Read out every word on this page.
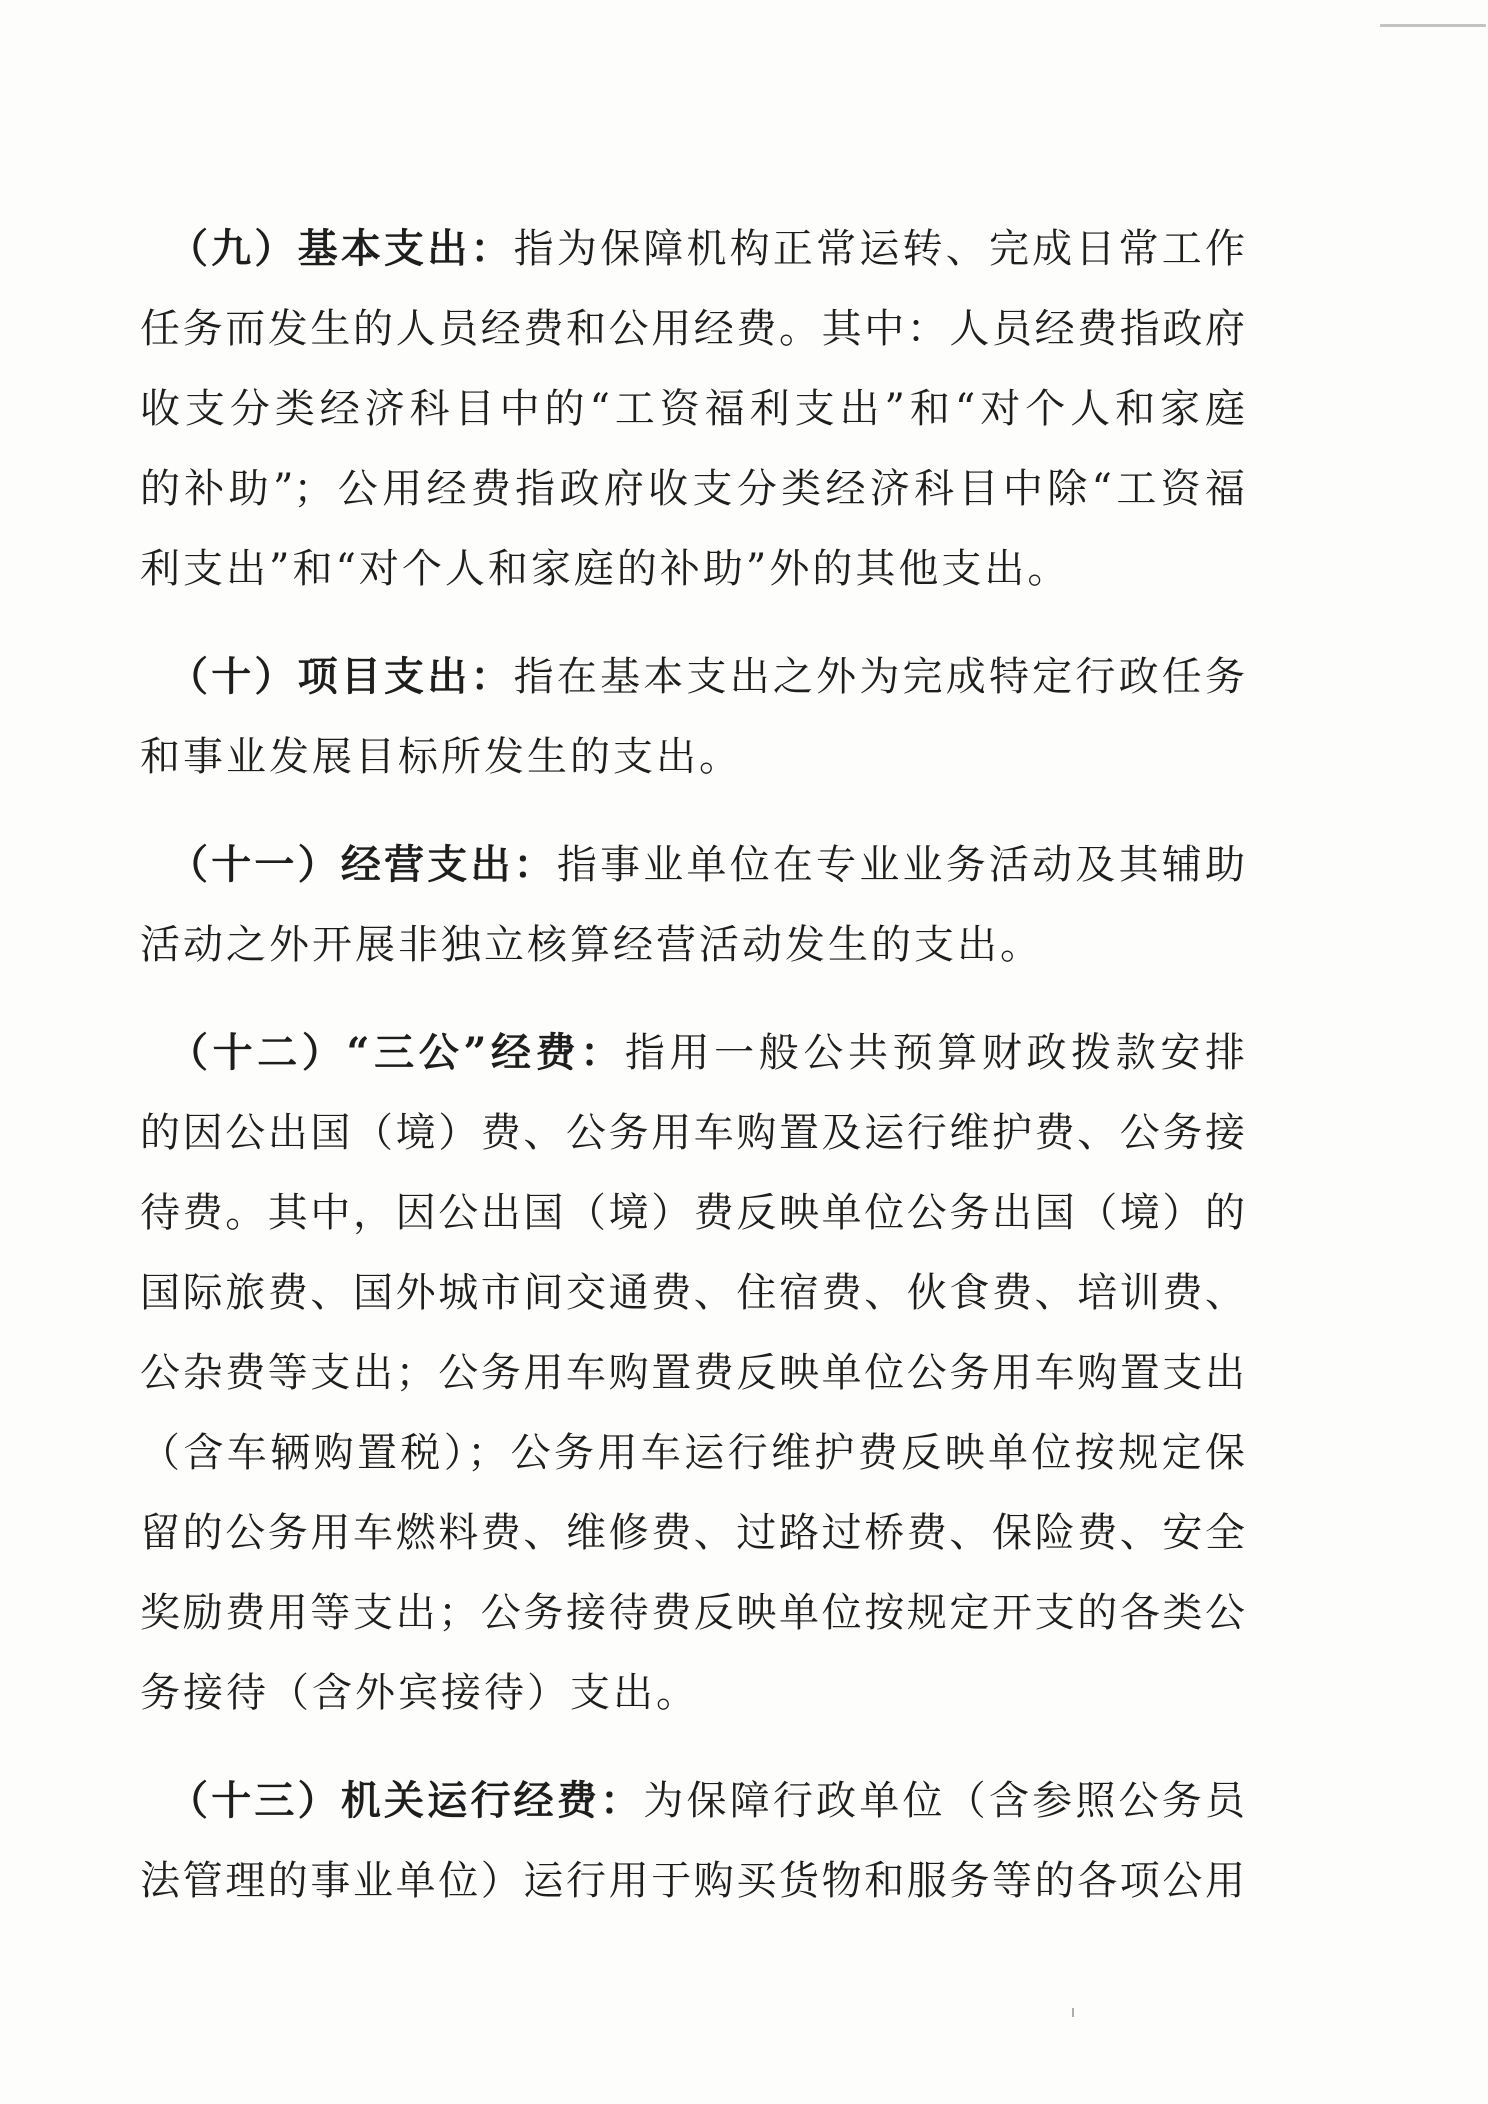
（九）基本支出：指为保障机构正常运转、完成日常工作
任务而发生的人员经费和公用经费。其中：人员经费指政府
收支分类经济科目中的“工资福利支出”和“对个人和家庭
的补助”；公用经费指政府收支分类经济科目中除“工资福
利支出”和“对个人和家庭的补助”外的其他支出。
（十）项目支出：指在基本支出之外为完成特定行政任务
和事业发展目标所发生的支出。
（十一）经营支出：指事业单位在专业业务活动及其辅助
活动之外开展非独立核算经营活动发生的支出。
（十二）“三公”经费：指用一般公共预算财政拨款安排
的因公出国（境）费、公务用车购置及运行维护费、公务接
待费。其中，因公出国（境）费反映单位公务出国（境）的
国际旅费、国外城市间交通费、住宿费、伙食费、培训费、
公杂费等支出；公务用车购置费反映单位公务用车购置支出
（含车辆购置税）；公务用车运行维护费反映单位按规定保
留的公务用车燃料费、维修费、过路过桥费、保险费、安全
奖励费用等支出；公务接待费反映单位按规定开支的各类公
务接待（含外宾接待）支出。
（十三）机关运行经费：为保障行政单位（含参照公务员
法管理的事业单位）运行用于购买货物和服务等的各项公用
